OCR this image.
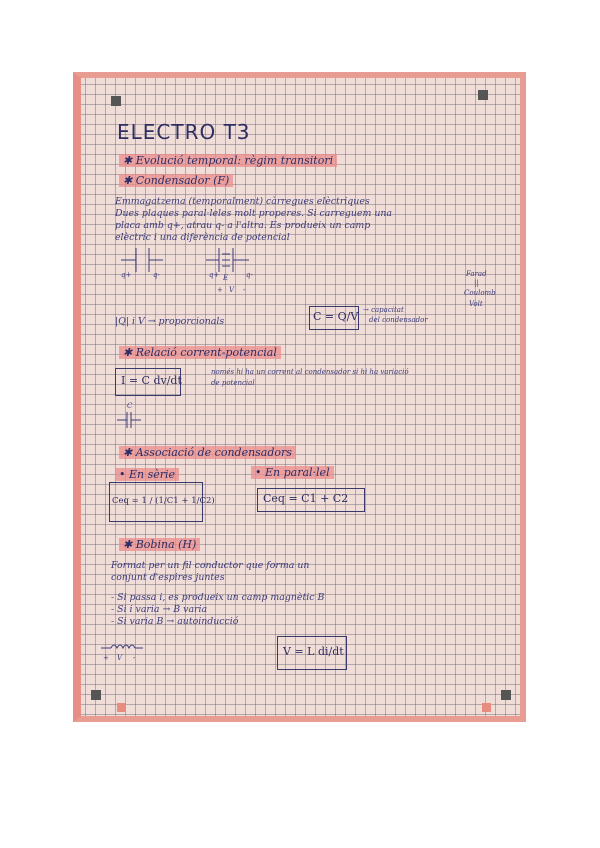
ELECTRO T3
✱ Evolució temporal: règim transitori
✱ Condensador (F)
Emmagatzema (temporalment) càrregues elèctriques
Dues plaques paral·leles molt properes. Si carreguem una
placa amb q+, atrau q- a l'altra. Es produeix un camp
elèctric i una diferència de potencial
q+	q-	q+	q-
E
+ V -
Farad
||
Coulomb
Volt
|Q| i V → proporcionals	C = Q/V → capacitat
del condensador
✱ Relació corrent-potencial
I = C dv/dt
només hi ha un corrent al condensador si hi ha variació
de potencial
C
✱ Associació de condensadors
• En sèrie	• En paral·lel
Ceq = 1 / (1/C1 + 1/C2)	Ceq = C1 + C2
✱ Bobina (H)
Format per un fil conductor que forma un
conjunt d'espires juntes
- Si passa i, es produeix un camp magnètic B
- Si i varia → B varia
- Si varia B → autoinducció
+ V -	V = L di/dt
